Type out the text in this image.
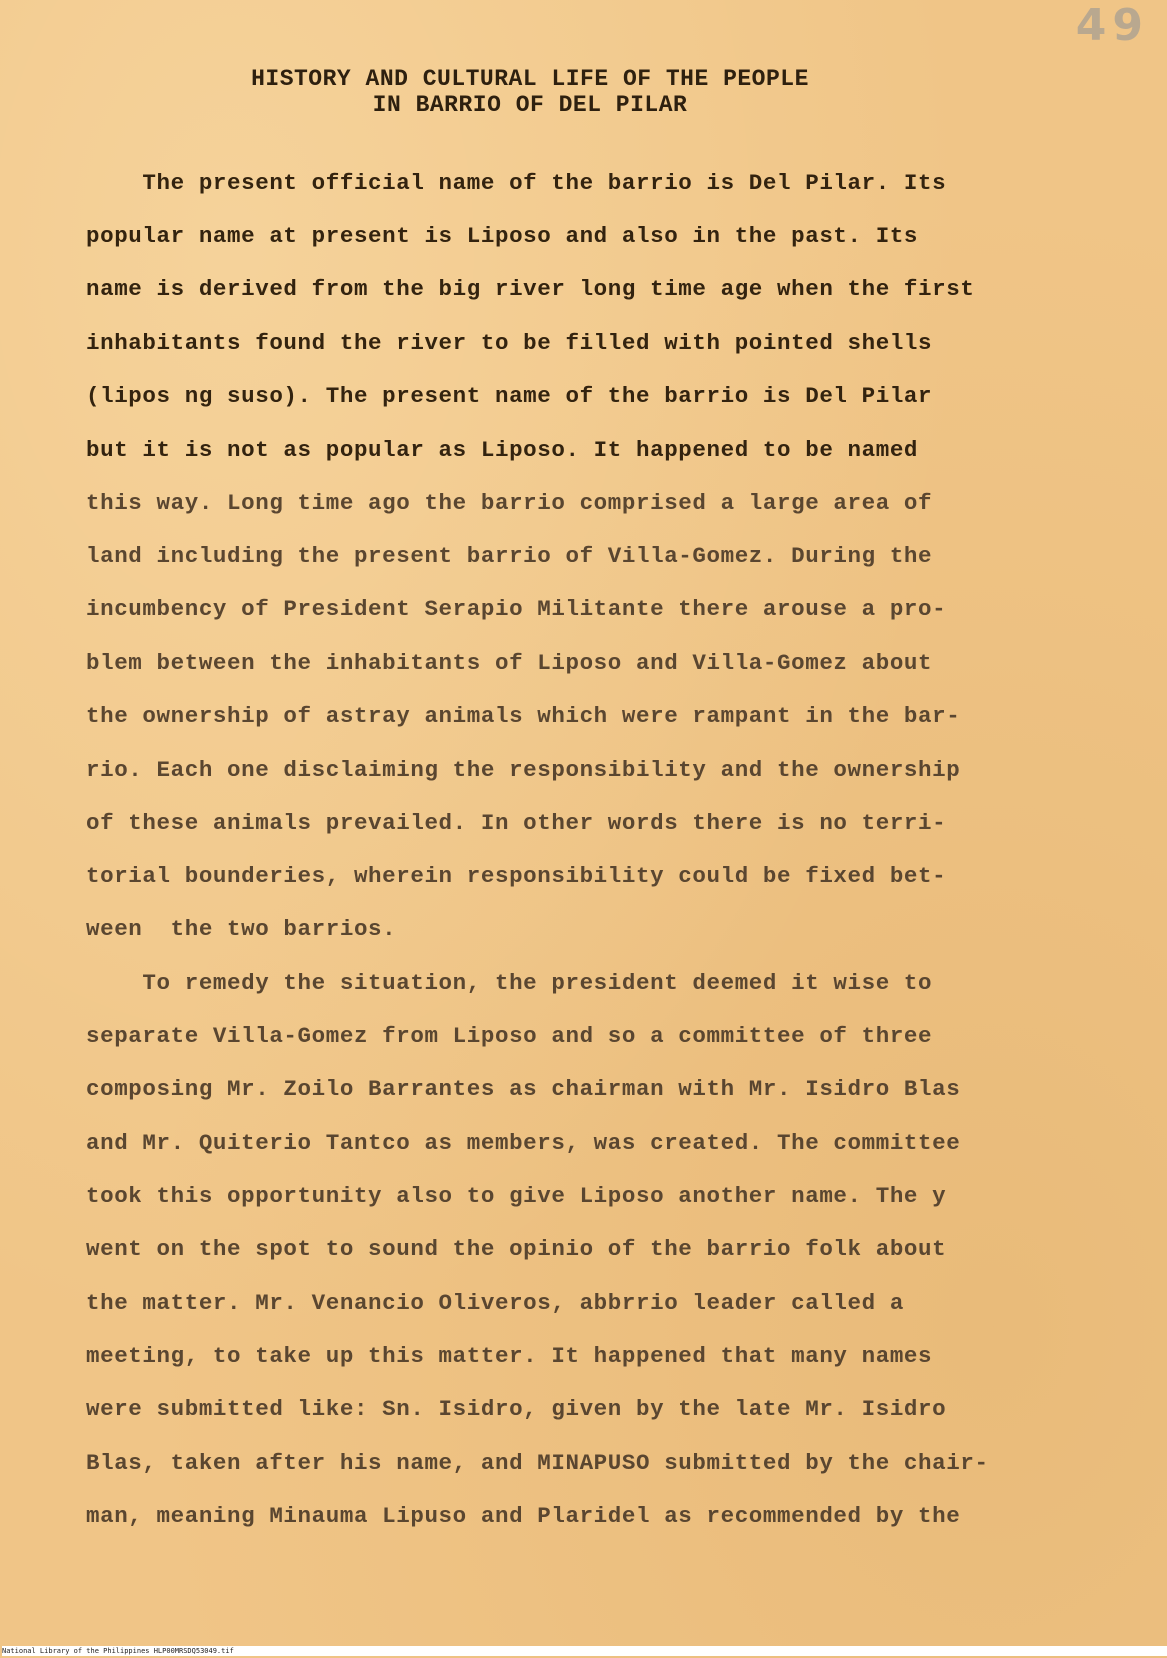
49
HISTORY AND CULTURAL LIFE OF THE PEOPLE
IN BARRIO OF DEL PILAR
The present official name of the barrio is Del Pilar. Its
popular name at present is Liposo and also in the past. Its
name is derived from the big river long time age when the first
inhabitants found the river to be filled with pointed shells
(lipos ng suso). The present name of the barrio is Del Pilar
but it is not as popular as Liposo. It happened to be named
this way. Long time ago the barrio comprised a large area of
land including the present barrio of Villa-Gomez. During the
incumbency of President Serapio Militante there arouse a pro-
blem between the inhabitants of Liposo and Villa-Gomez about
the ownership of astray animals which were rampant in the bar-
rio. Each one disclaiming the responsibility and the ownership
of these animals prevailed. In other words there is no terri-
torial bounderies, wherein responsibility could be fixed bet-
ween  the two barrios.
To remedy the situation, the president deemed it wise to
separate Villa-Gomez from Liposo and so a committee of three
composing Mr. Zoilo Barrantes as chairman with Mr. Isidro Blas
and Mr. Quiterio Tantco as members, was created. The committee
took this opportunity also to give Liposo another name. The y
went on the spot to sound the opinio of the barrio folk about
the matter. Mr. Venancio Oliveros, abbrrio leader called a
meeting, to take up this matter. It happened that many names
were submitted like: Sn. Isidro, given by the late Mr. Isidro
Blas, taken after his name, and MINAPUSO submitted by the chair-
man, meaning Minauma Lipuso and Plaridel as recommended by the
National Library of the Philippines HLP00MRSDQ53049.tif
